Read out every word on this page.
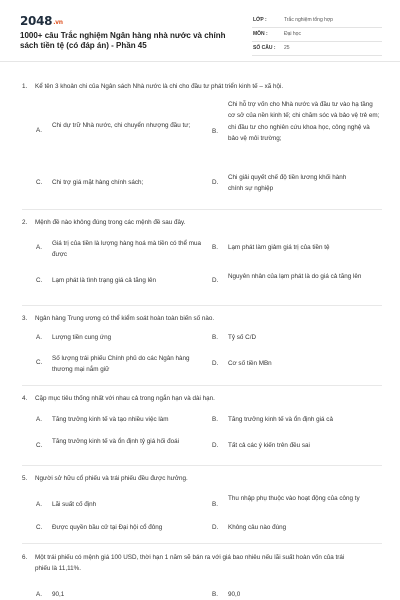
2048.vn
1000+ câu Trắc nghiệm Ngân hàng nhà nước và chính sách tiền tệ (có đáp án) - Phần 45
LỚP :	Trắc nghiệm tổng hợp
MÔN :	Đại học
SỐ CÂU : 25
1. Kể tên 3 khoản chi của Ngân sách Nhà nước là chi cho đầu tư phát triển kinh tế – xã hội.
A.
Chi dự trữ Nhà nước, chi chuyển nhượng đầu tư;
B.
Chi hỗ trợ vốn cho Nhà nước và đầu tư vào hạ tầng cơ sở của nền kinh tế; chi chăm sóc và bảo vệ trẻ em; chi đầu tư cho nghiên cứu khoa học, công nghệ và bảo vệ môi trường;
C. Chi trợ giá mặt hàng chính sách;	D.
Chi giải quyết chế độ tiền lương khối hành chính sự nghiệp
2. Mệnh đề nào không đúng trong các mệnh đề sau đây.
A.
Giá trị của tiền là lượng hàng hoá mà tiền có thể mua được
B. Lạm phát làm giảm giá trị của tiền tệ
C. Lạm phát là tình trạng giá cả tăng lên	D.
Nguyên nhân của lạm phát là do giá cả tăng lên
3. Ngân hàng Trung ương có thể kiểm soát hoàn toàn biến số nào.
A. Lượng tiền cung ứng	B. Tỷ số C/D
C.
Số lượng trái phiếu Chính phủ do các Ngân hàng thương mại nắm giữ
D. Cơ số tiền MBn
4. Cặp mục tiêu thống nhất với nhau cả trong ngắn hạn và dài hạn.
A. Tăng trưởng kinh tế và tạo nhiều việc làm	B. Tăng trưởng kinh tế và ổn định giá cả
C.
Tăng trưởng kinh tế và ổn định tỷ giá hối đoái
D. Tất cả các ý kiến trên đều sai
5. Người sở hữu cổ phiếu và trái phiếu đều được hưởng.
A. Lãi suất cố định	B.
Thu nhập phụ thuộc vào hoạt động của công ty
C. Được quyền bầu cử tại Đại hội cổ đông	D. Không câu nào đúng
6. Một trái phiếu có mệnh giá 100 USD, thời hạn 1 năm sẽ bán ra với giá bao nhiêu nếu lãi suất hoàn vốn của trái phiếu là 11,11%.
A. 90,1	B. 90,0
